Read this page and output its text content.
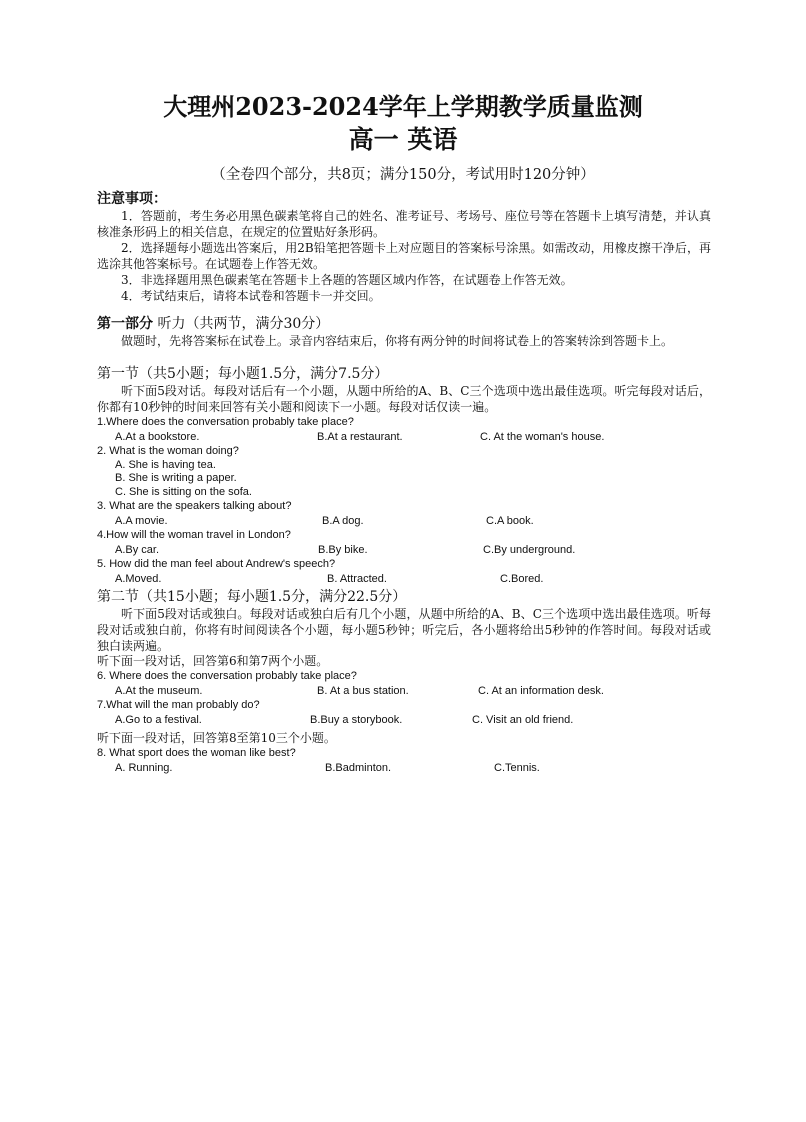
大理州2023-2024学年上学期教学质量监测
高一 英语
（全卷四个部分，共8页；满分150分，考试用时120分钟）

注意事项：

1．答题前，考生务必用黑色碳素笔将自己的姓名、准考证号、考场号、座位号等在答题卡上填写清楚，并认真核准条形码上的相关信息，在规定的位置贴好条形码。

2．选择题每小题选出答案后，用2B铅笔把答题卡上对应题目的答案标号涂黑。如需改动，用橡皮擦干净后，再选涂其他答案标号。在试题卷上作答无效。

3．非选择题用黑色碳素笔在答题卡上各题的答题区域内作答，在试题卷上作答无效。

4．考试结束后，请将本试卷和答题卡一并交回。

第一部分 听力（共两节，满分30分）

做题时，先将答案标在试卷上。录音内容结束后，你将有两分钟的时间将试卷上的答案转涂到答题卡上。

第一节（共5小题；每小题1.5分，满分7.5分）

听下面5段对话。每段对话后有一个小题，从题中所给的A、B、C三个选项中选出最佳选项。听完每段对话后，你都有10秒钟的时间来回答有关小题和阅读下一小题。每段对话仅读一遍。

1.Where does the conversation probably take place?

A.At a bookstore.	B.At a restaurant.	C. At the woman's house.

2. What is the woman doing?

A. She is having tea.

B. She is writing a paper.

C. She is sitting on the sofa.

3. What are the speakers talking about?

A.A movie.	B.A dog.	C.A book.

4.How will the woman travel in London?

A.By car.	B.By bike.	C.By underground.

5. How did the man feel about Andrew's speech?

A.Moved.	B. Attracted.	C.Bored.

第二节（共15小题；每小题1.5分，满分22.5分）

听下面5段对话或独白。每段对话或独白后有几个小题，从题中所给的A、B、C三个选项中选出最佳选项。听每段对话或独白前，你将有时间阅读各个小题，每小题5秒钟；听完后，各小题将给出5秒钟的作答时间。每段对话或独白读两遍。

听下面一段对话，回答第6和第7两个小题。

6. Where does the conversation probably take place?

A.At the museum.	B. At a bus station.	C. At an information desk.

7.What will the man probably do?

A.Go to a festival.	B.Buy a storybook.	C. Visit an old friend.

听下面一段对话，回答第8至第10三个小题。

8. What sport does the woman like best?

A. Running.	B.Badminton.	C.Tennis.
